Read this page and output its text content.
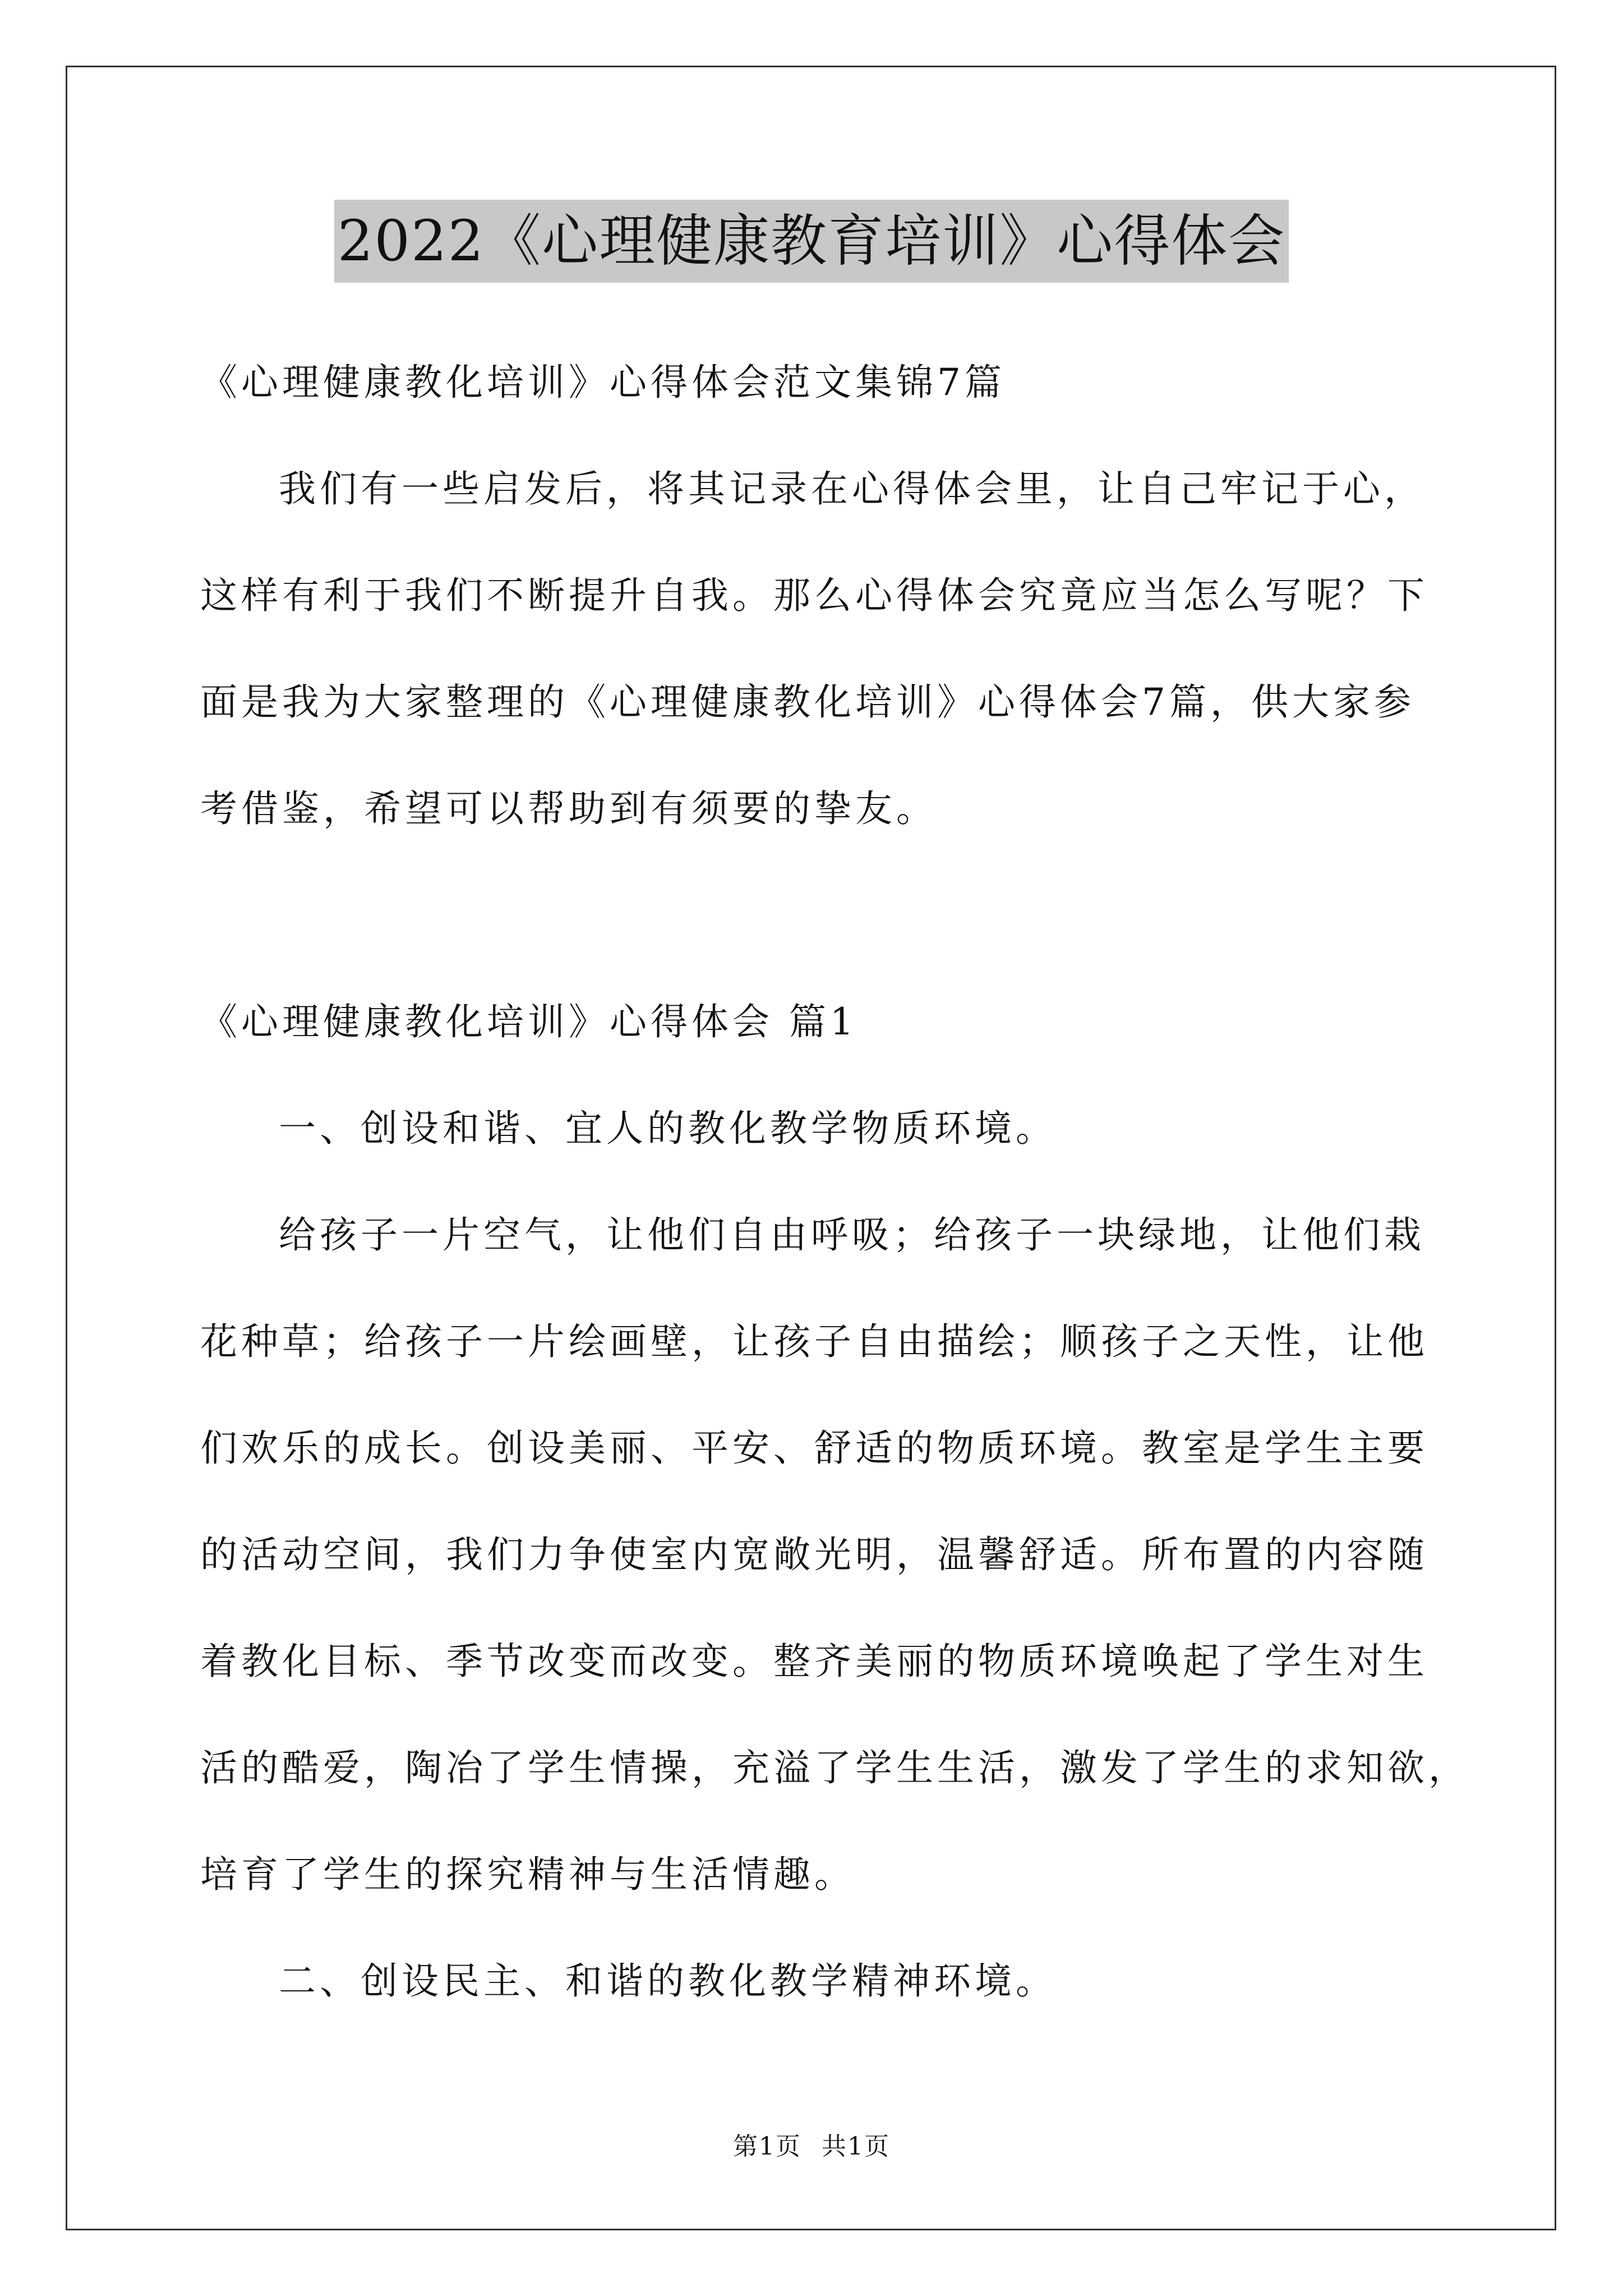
2022《心理健康教育培训》心得体会
《心理健康教化培训》心得体会范文集锦7篇
我们有一些启发后，将其记录在心得体会里，让自己牢记于心，
这样有利于我们不断提升自我。那么心得体会究竟应当怎么写呢？下
面是我为大家整理的《心理健康教化培训》心得体会7篇，供大家参
考借鉴，希望可以帮助到有须要的挚友。
《心理健康教化培训》心得体会 篇1
一、创设和谐、宜人的教化教学物质环境。
给孩子一片空气，让他们自由呼吸；给孩子一块绿地，让他们栽
花种草；给孩子一片绘画壁，让孩子自由描绘；顺孩子之天性，让他
们欢乐的成长。创设美丽、平安、舒适的物质环境。教室是学生主要
的活动空间，我们力争使室内宽敞光明，温馨舒适。所布置的内容随
着教化目标、季节改变而改变。整齐美丽的物质环境唤起了学生对生
活的酷爱，陶冶了学生情操，充溢了学生生活，激发了学生的求知欲，
培育了学生的探究精神与生活情趣。
二、创设民主、和谐的教化教学精神环境。
第1页 共1页
